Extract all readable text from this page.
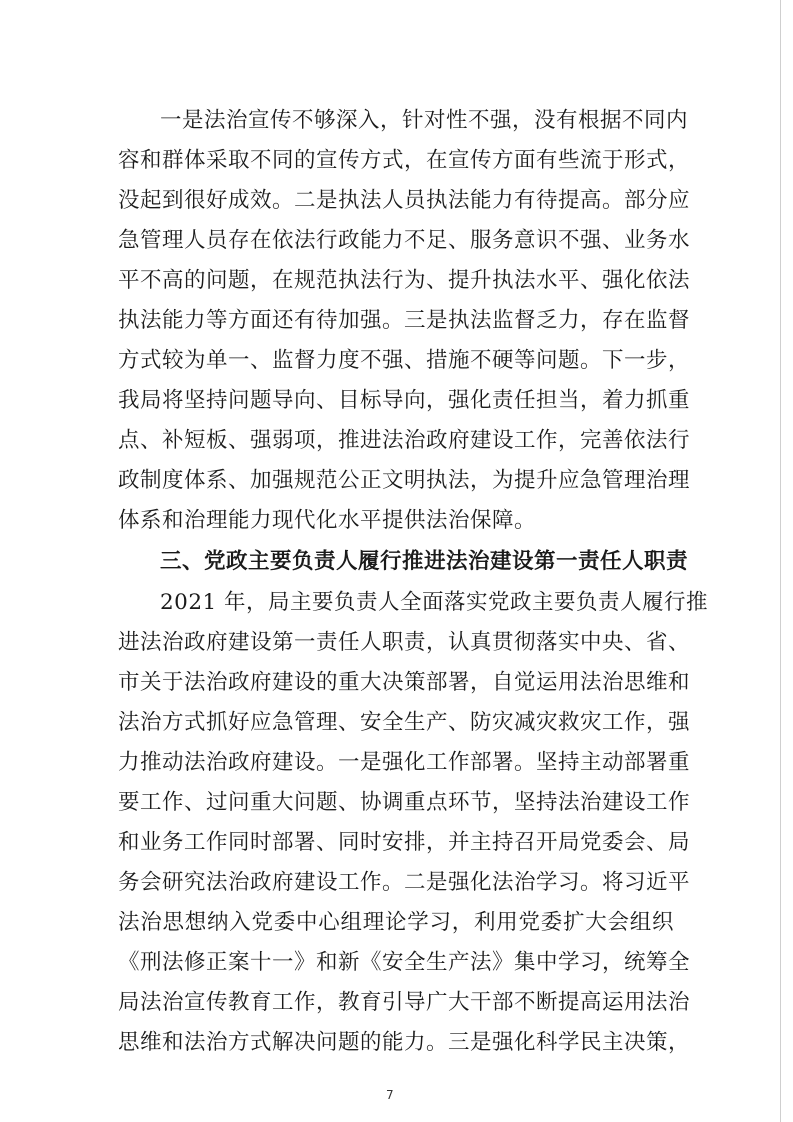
一是法治宣传不够深入，针对性不强，没有根据不同内
容和群体采取不同的宣传方式，在宣传方面有些流于形式，
没起到很好成效。二是执法人员执法能力有待提高。部分应
急管理人员存在依法行政能力不足、服务意识不强、业务水
平不高的问题，在规范执法行为、提升执法水平、强化依法
执法能力等方面还有待加强。三是执法监督乏力，存在监督
方式较为单一、监督力度不强、措施不硬等问题。下一步，
我局将坚持问题导向、目标导向，强化责任担当，着力抓重
点、补短板、强弱项，推进法治政府建设工作，完善依法行
政制度体系、加强规范公正文明执法，为提升应急管理治理
体系和治理能力现代化水平提供法治保障。
三、党政主要负责人履行推进法治建设第一责任人职责
2021 年，局主要负责人全面落实党政主要负责人履行推
进法治政府建设第一责任人职责，认真贯彻落实中央、省、
市关于法治政府建设的重大决策部署，自觉运用法治思维和
法治方式抓好应急管理、安全生产、防灾减灾救灾工作，强
力推动法治政府建设。一是强化工作部署。坚持主动部署重
要工作、过问重大问题、协调重点环节，坚持法治建设工作
和业务工作同时部署、同时安排，并主持召开局党委会、局
务会研究法治政府建设工作。二是强化法治学习。将习近平
法治思想纳入党委中心组理论学习，利用党委扩大会组织
《刑法修正案十一》和新《安全生产法》集中学习，统筹全
局法治宣传教育工作，教育引导广大干部不断提高运用法治
思维和法治方式解决问题的能力。三是强化科学民主决策，
7
